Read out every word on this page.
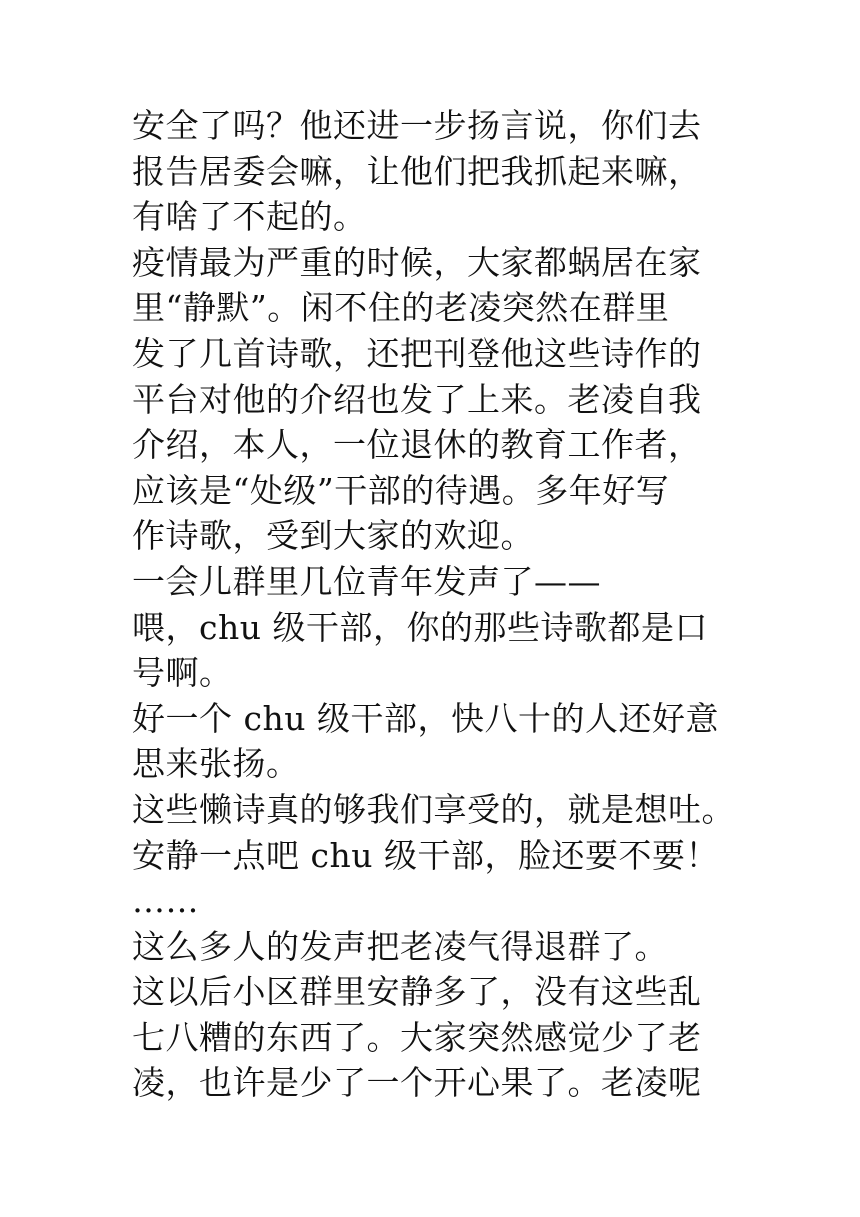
安全了吗？他还进一步扬言说，你们去
报告居委会嘛，让他们把我抓起来嘛，
有啥了不起的。
疫情最为严重的时候，大家都蜗居在家
里“静默”。闲不住的老凌突然在群里
发了几首诗歌，还把刊登他这些诗作的
平台对他的介绍也发了上来。老凌自我
介绍，本人，一位退休的教育工作者，
应该是“处级”干部的待遇。多年好写
作诗歌，受到大家的欢迎。
一会儿群里几位青年发声了——
喂，chu 级干部，你的那些诗歌都是口
号啊。
好一个 chu 级干部，快八十的人还好意
思来张扬。
这些懒诗真的够我们享受的，就是想吐。
安静一点吧 chu 级干部，脸还要不要！
……
这么多人的发声把老凌气得退群了。
这以后小区群里安静多了，没有这些乱
七八糟的东西了。大家突然感觉少了老
凌，也许是少了一个开心果了。老凌呢
